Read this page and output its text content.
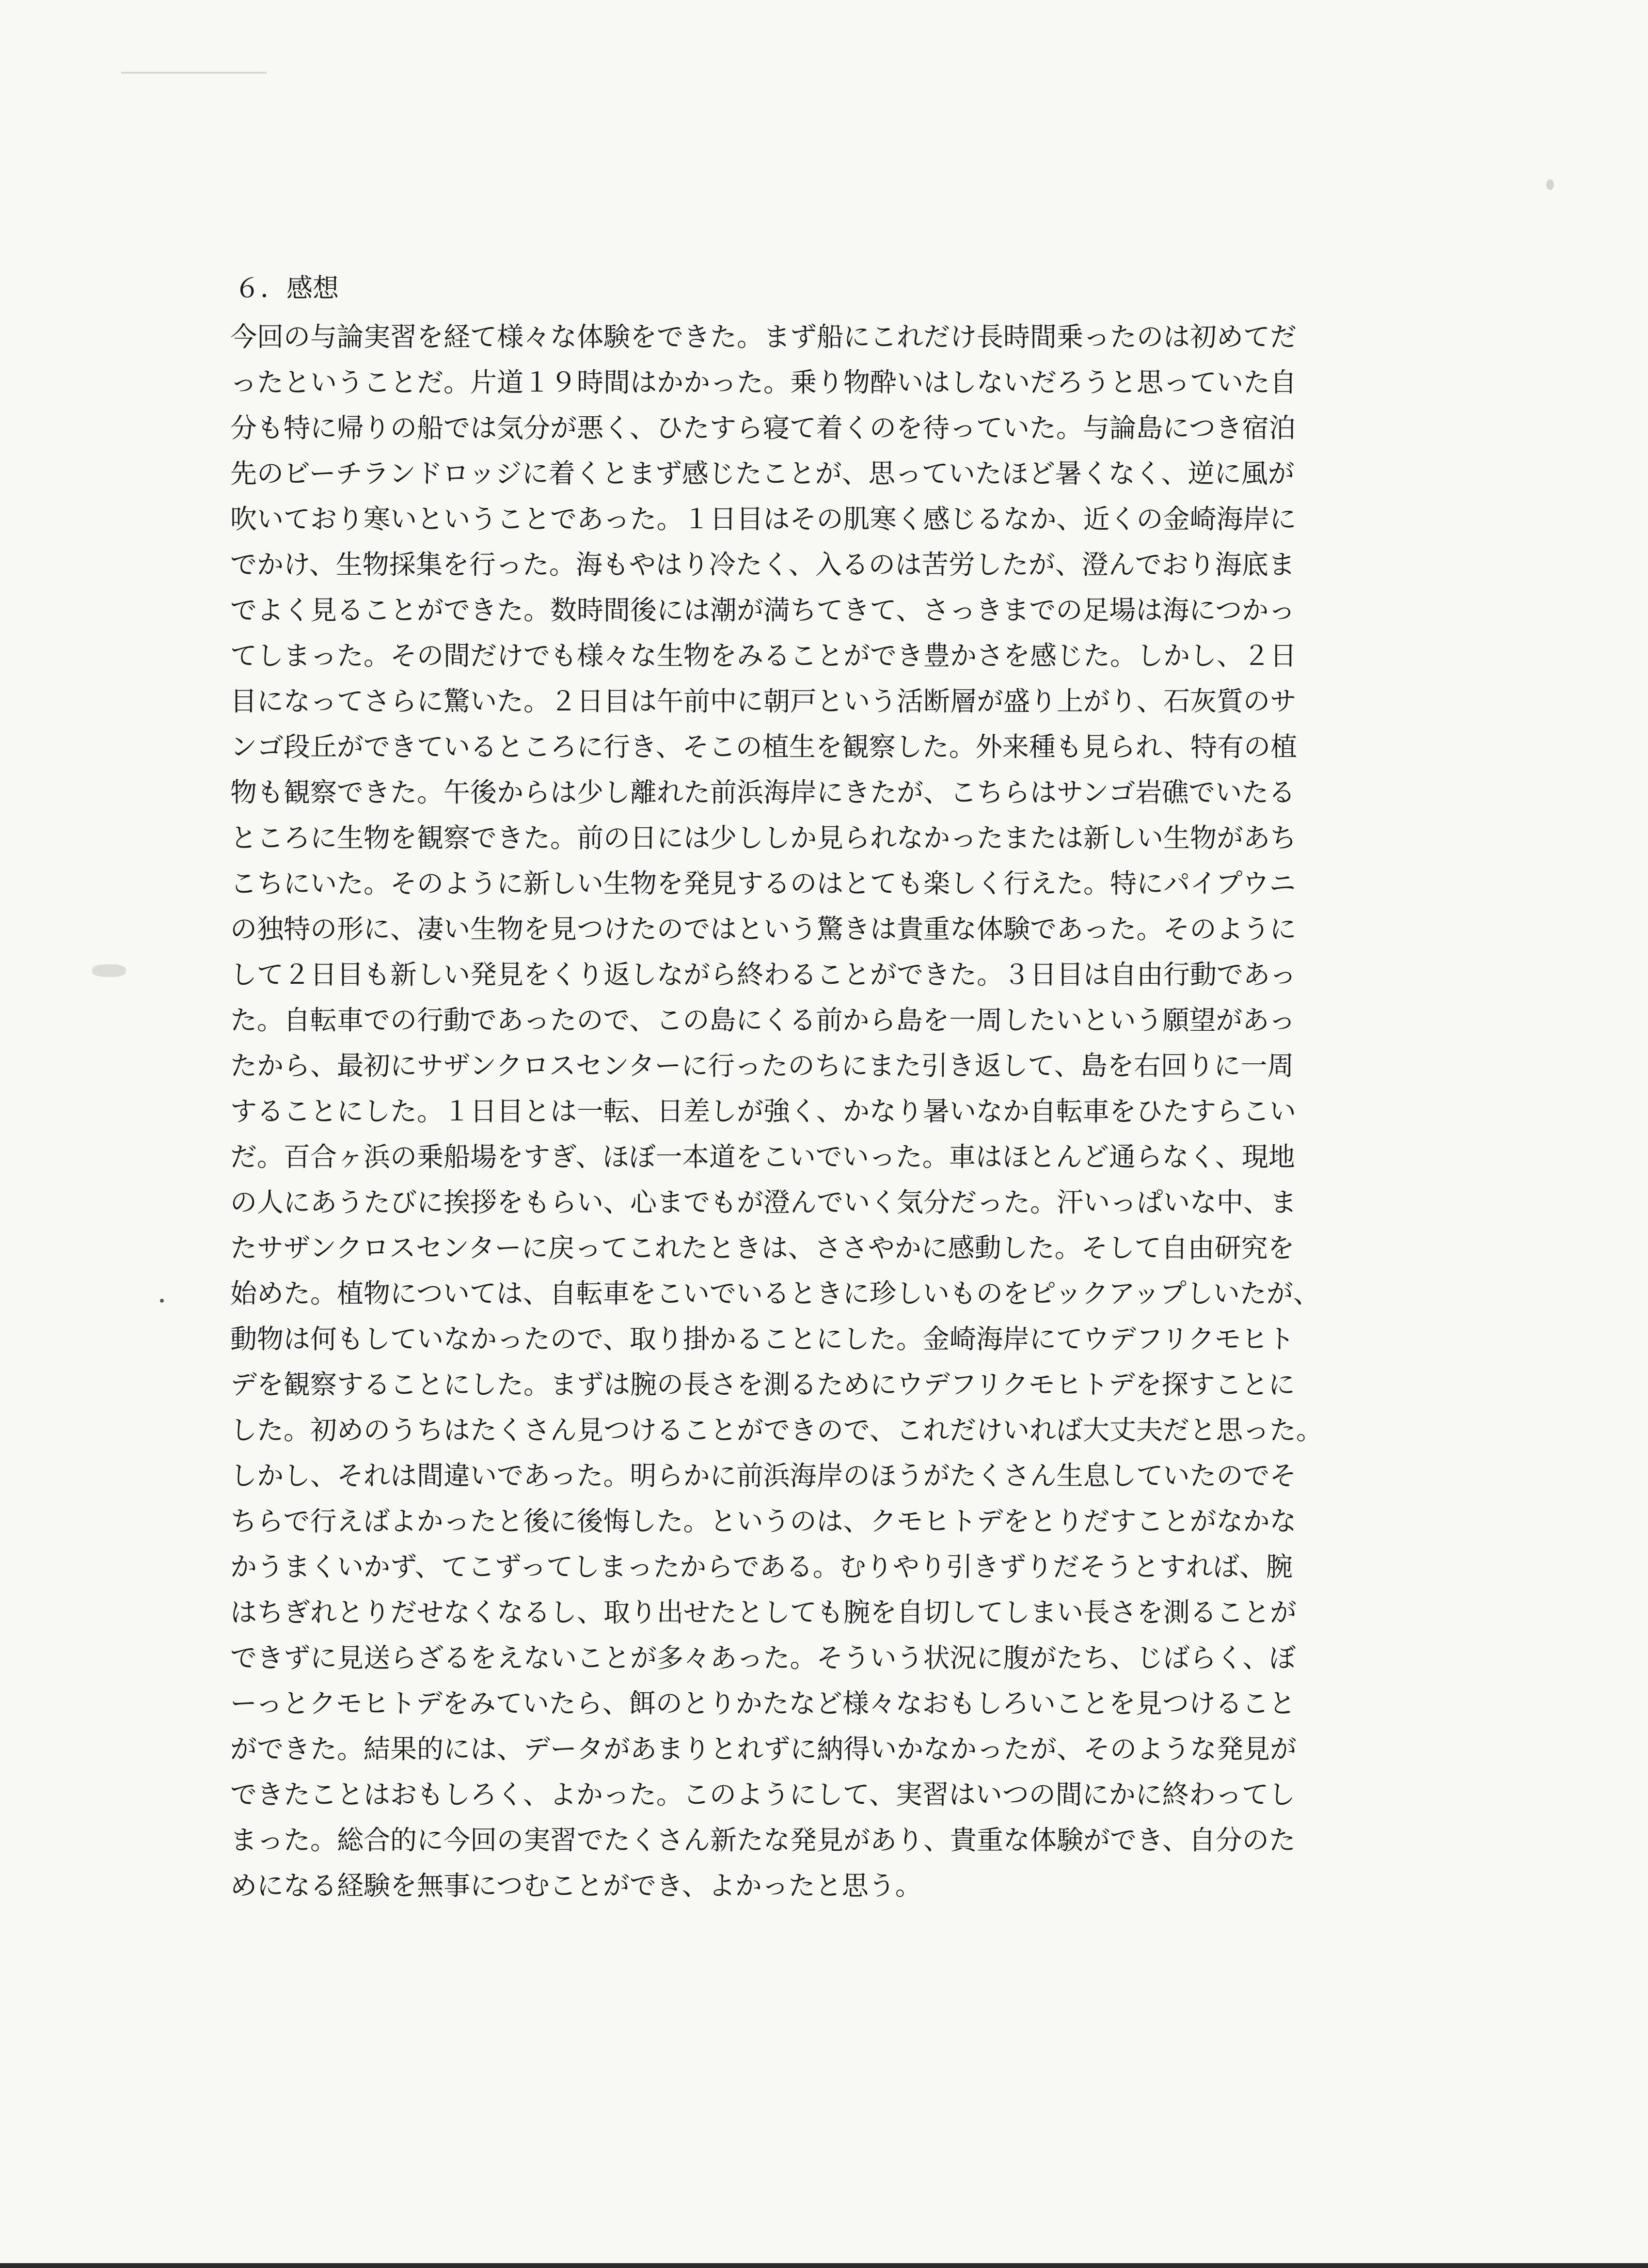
６．感想
今回の与論実習を経て様々な体験をできた。まず船にこれだけ長時間乗ったのは初めてだ
ったということだ。片道１９時間はかかった。乗り物酔いはしないだろうと思っていた自
分も特に帰りの船では気分が悪く、ひたすら寝て着くのを待っていた。与論島につき宿泊
先のビーチランドロッジに着くとまず感じたことが、思っていたほど暑くなく、逆に風が
吹いており寒いということであった。１日目はその肌寒く感じるなか、近くの金崎海岸に
でかけ、生物採集を行った。海もやはり冷たく、入るのは苦労したが、澄んでおり海底ま
でよく見ることができた。数時間後には潮が満ちてきて、さっきまでの足場は海につかっ
てしまった。その間だけでも様々な生物をみることができ豊かさを感じた。しかし、２日
目になってさらに驚いた。２日目は午前中に朝戸という活断層が盛り上がり、石灰質のサ
ンゴ段丘ができているところに行き、そこの植生を観察した。外来種も見られ、特有の植
物も観察できた。午後からは少し離れた前浜海岸にきたが、こちらはサンゴ岩礁でいたる
ところに生物を観察できた。前の日には少ししか見られなかったまたは新しい生物があち
こちにいた。そのように新しい生物を発見するのはとても楽しく行えた。特にパイプウニ
の独特の形に、凄い生物を見つけたのではという驚きは貴重な体験であった。そのように
して２日目も新しい発見をくり返しながら終わることができた。３日目は自由行動であっ
た。自転車での行動であったので、この島にくる前から島を一周したいという願望があっ
たから、最初にサザンクロスセンターに行ったのちにまた引き返して、島を右回りに一周
することにした。１日目とは一転、日差しが強く、かなり暑いなか自転車をひたすらこい
だ。百合ヶ浜の乗船場をすぎ、ほぼ一本道をこいでいった。車はほとんど通らなく、現地
の人にあうたびに挨拶をもらい、心までもが澄んでいく気分だった。汗いっぱいな中、ま
たサザンクロスセンターに戻ってこれたときは、ささやかに感動した。そして自由研究を
始めた。植物については、自転車をこいでいるときに珍しいものをピックアップしいたが、
動物は何もしていなかったので、取り掛かることにした。金崎海岸にてウデフリクモヒト
デを観察することにした。まずは腕の長さを測るためにウデフリクモヒトデを探すことに
した。初めのうちはたくさん見つけることができので、これだけいれば大丈夫だと思った。
しかし、それは間違いであった。明らかに前浜海岸のほうがたくさん生息していたのでそ
ちらで行えばよかったと後に後悔した。というのは、クモヒトデをとりだすことがなかな
かうまくいかず、てこずってしまったからである。むりやり引きずりだそうとすれば、腕
はちぎれとりだせなくなるし、取り出せたとしても腕を自切してしまい長さを測ることが
できずに見送らざるをえないことが多々あった。そういう状況に腹がたち、じばらく、ぼ
ーっとクモヒトデをみていたら、餌のとりかたなど様々なおもしろいことを見つけること
ができた。結果的には、データがあまりとれずに納得いかなかったが、そのような発見が
できたことはおもしろく、よかった。このようにして、実習はいつの間にかに終わってし
まった。総合的に今回の実習でたくさん新たな発見があり、貴重な体験ができ、自分のた
めになる経験を無事につむことができ、よかったと思う。
